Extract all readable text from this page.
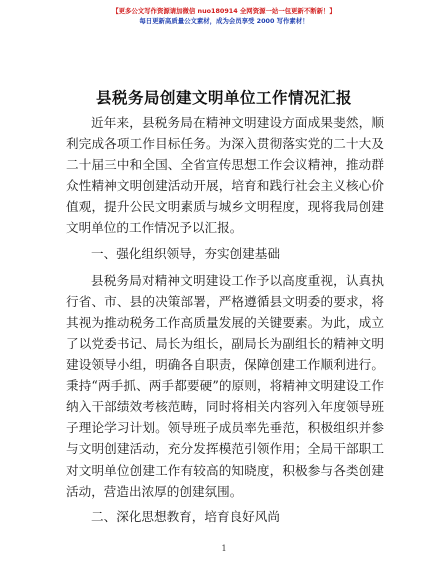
【更多公文写作资源请加微信 nuo180914 全网资源一站一包更新不断新！】
每日更新高质量公文素材，成为会员享受 2000 写作素材！
县税务局创建文明单位工作情况汇报

近年来，县税务局在精神文明建设方面成果斐然，顺利完成各项工作目标任务。为深入贯彻落实党的二十大及二十届三中和全国、全省宣传思想工作会议精神，推动群众性精神文明创建活动开展，培育和践行社会主义核心价值观，提升公民文明素质与城乡文明程度，现将我局创建文明单位的工作情况予以汇报。

一、强化组织领导，夯实创建基础

县税务局对精神文明建设工作予以高度重视，认真执行省、市、县的决策部署，严格遵循县文明委的要求，将其视为推动税务工作高质量发展的关键要素。为此，成立了以党委书记、局长为组长，副局长为副组长的精神文明建设领导小组，明确各自职责，保障创建工作顺利进行。秉持“两手抓、两手都要硬”的原则，将精神文明建设工作纳入干部绩效考核范畴，同时将相关内容列入年度领导班子理论学习计划。领导班子成员率先垂范，积极组织并参与文明创建活动，充分发挥模范引领作用；全局干部职工对文明单位创建工作有较高的知晓度，积极参与各类创建活动，营造出浓厚的创建氛围。

二、深化思想教育，培育良好风尚

1
